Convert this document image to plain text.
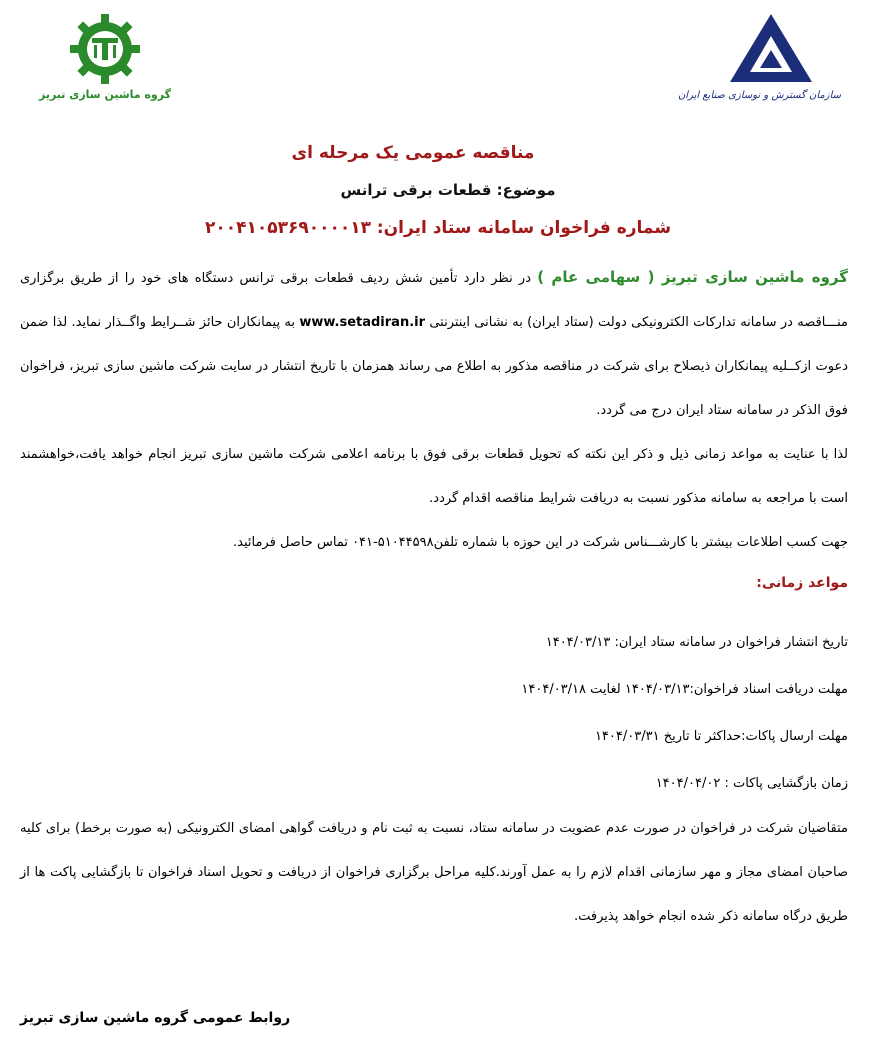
گروه ماشین سازی تبریز	سازمان گسترش و نوسازی صنایع ایران
مناقصه عمومی یک مرحله ای
موضوع: قطعات برقی ترانس
شماره فراخوان سامانه ستاد ایران: ۲۰۰۴۱۰۵۳۶۹۰۰۰۰۱۳

گروه ماشین سازی تبریز ( سهامی عام ) در نظر دارد تأمین شش ردیف قطعات برقی ترانس دستگاه های خود را از طریق برگزاری منـــاقصه در سامانه تدارکات الکترونیکی دولت (ستاد ایران) به نشانی اینترنتی www.setadiran.ir به پیمانکاران حائز شــرایط واگــذار نماید. لذا ضمن دعوت ازکــلیه پیمانکاران ذیصلاح برای شرکت در مناقصه مذکور به اطلاع می رساند همزمان با تاریخ انتشار در سایت شرکت ماشین سازی تبریز، فراخوان فوق الذکر در سامانه ستاد ایران درج می گردد.

لذا با عنایت به مواعد زمانی ذیل و ذکر این نکته که تحویل قطعات برقی فوق با برنامه اعلامی شرکت ماشین سازی تبریز انجام خواهد یافت،خواهشمند است با مراجعه به سامانه مذکور نسبت به دریافت شرایط مناقصه اقدام گردد.

جهت کسب اطلاعات بیشتر با کارشـــناس شرکت در این حوزه با شماره تلفن۵۱۰۴۴۵۹۸-۰۴۱ تماس حاصل فرمائید.

مواعد زمانی:

تاریخ انتشار فراخوان در سامانه ستاد ایران: ۱۴۰۴/۰۳/۱۳

مهلت دریافت اسناد فراخوان:۱۴۰۴/۰۳/۱۳ لغایت ۱۴۰۴/۰۳/۱۸

مهلت ارسال پاکات:حداکثر تا تاریخ ۱۴۰۴/۰۳/۳۱

زمان بازگشایی پاکات : ۱۴۰۴/۰۴/۰۲

متقاضیان شرکت در فراخوان در صورت عدم عضویت در سامانه ستاد، نسبت به ثبت نام و دریافت گواهی امضای الکترونیکی (به صورت برخط) برای کلیه صاحبان امضای مجاز و مهر سازمانی اقدام لازم را به عمل آورند.کلیه مراحل برگزاری فراخوان از دریافت و تحویل اسناد فراخوان تا بازگشایی پاکت ها از طریق درگاه سامانه ذکر شده انجام خواهد پذیرفت.

روابط عمومی گروه ماشین سازی تبریز
